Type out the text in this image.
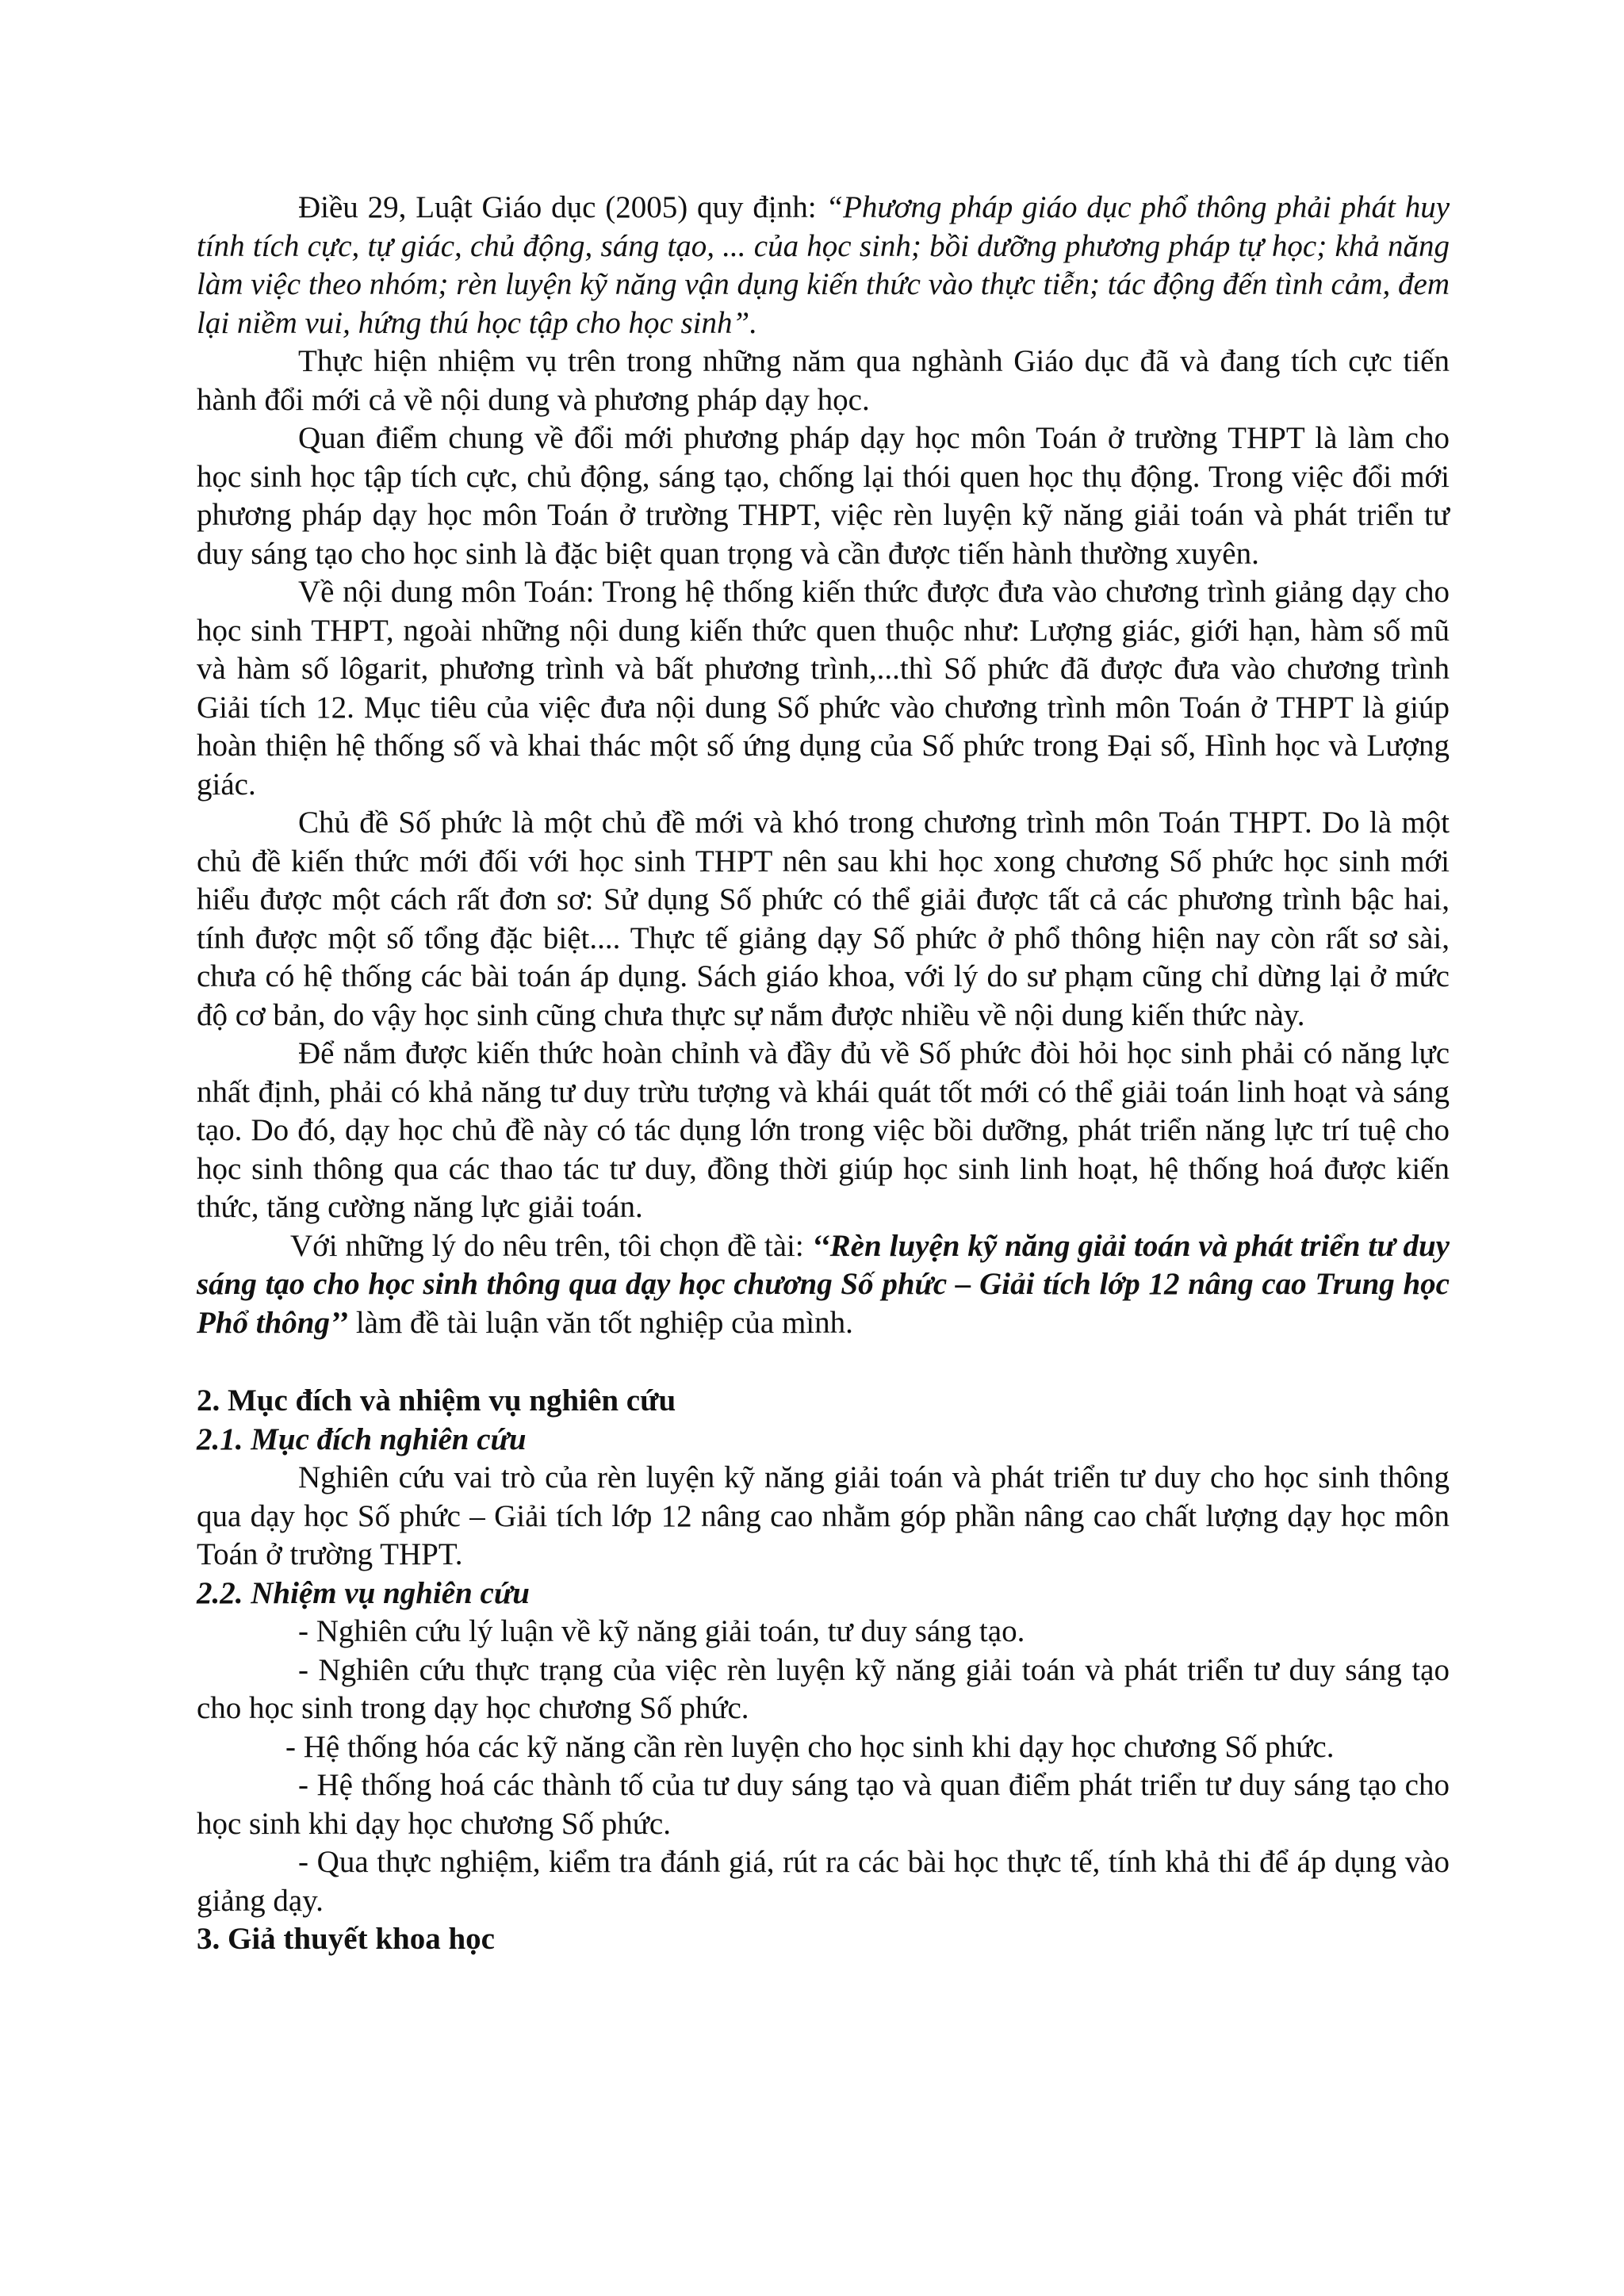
Điều 29, Luật Giáo dục (2005) quy định: “Phương pháp giáo dục phổ thông phải phát huy tính tích cực, tự giác, chủ động, sáng tạo, ... của học sinh; bồi dưỡng phương pháp tự học; khả năng làm việc theo nhóm; rèn luyện kỹ năng vận dụng kiến thức vào thực tiễn; tác động đến tình cảm, đem lại niềm vui, hứng thú học tập cho học sinh”.

Thực hiện nhiệm vụ trên trong những năm qua nghành Giáo dục đã và đang tích cực tiến hành đổi mới cả về nội dung và phương pháp dạy học.

Quan điểm chung về đổi mới phương pháp dạy học môn Toán ở trường THPT là làm cho học sinh học tập tích cực, chủ động, sáng tạo, chống lại thói quen học thụ động. Trong việc đổi mới phương pháp dạy học môn Toán ở trường THPT, việc rèn luyện kỹ năng giải toán và phát triển tư duy sáng tạo cho học sinh là đặc biệt quan trọng và cần được tiến hành thường xuyên.

Về nội dung môn Toán: Trong hệ thống kiến thức được đưa vào chương trình giảng dạy cho học sinh THPT, ngoài những nội dung kiến thức quen thuộc như: Lượng giác, giới hạn, hàm số mũ và hàm số lôgarit, phương trình và bất phương trình,...thì Số phức đã được đưa vào chương trình Giải tích 12. Mục tiêu của việc đưa nội dung Số phức vào chương trình môn Toán ở THPT là giúp hoàn thiện hệ thống số và khai thác một số ứng dụng của Số phức trong Đại số, Hình học và Lượng giác.

Chủ đề Số phức là một chủ đề mới và khó trong chương trình môn Toán THPT. Do là một chủ đề kiến thức mới đối với học sinh THPT nên sau khi học xong chương Số phức học sinh mới hiểu được một cách rất đơn sơ: Sử dụng Số phức có thể giải được tất cả các phương trình bậc hai, tính được một số tổng đặc biệt.... Thực tế giảng dạy Số phức ở phổ thông hiện nay còn rất sơ sài, chưa có hệ thống các bài toán áp dụng. Sách giáo khoa, với lý do sư phạm cũng chỉ dừng lại ở mức độ cơ bản, do vậy học sinh cũng chưa thực sự nắm được nhiều về nội dung kiến thức này.

Để nắm được kiến thức hoàn chỉnh và đầy đủ về Số phức đòi hỏi học sinh phải có năng lực nhất định, phải có khả năng tư duy trừu tượng và khái quát tốt mới có thể giải toán linh hoạt và sáng tạo. Do đó, dạy học chủ đề này có tác dụng lớn trong việc bồi dưỡng, phát triển năng lực trí tuệ cho học sinh thông qua các thao tác tư duy, đồng thời giúp học sinh linh hoạt, hệ thống hoá được kiến thức, tăng cường năng lực giải toán.

Với những lý do nêu trên, tôi chọn đề tài: ‘‘Rèn luyện kỹ năng giải toán và phát triển tư duy sáng tạo cho học sinh thông qua dạy học chương Số phức – Giải tích lớp 12 nâng cao Trung học Phổ thông’’ làm đề tài luận văn tốt nghiệp của mình.

2. Mục đích và nhiệm vụ nghiên cứu

2.1. Mục đích nghiên cứu

Nghiên cứu vai trò của rèn luyện kỹ năng giải toán và phát triển tư duy cho học sinh thông qua dạy học Số phức – Giải tích lớp 12 nâng cao nhằm góp phần nâng cao chất lượng dạy học môn Toán ở trường THPT.

2.2. Nhiệm vụ nghiên cứu

- Nghiên cứu lý luận về kỹ năng giải toán, tư duy sáng tạo.

- Nghiên cứu thực trạng của việc rèn luyện kỹ năng giải toán và phát triển tư duy sáng tạo cho học sinh trong dạy học chương Số phức.

- Hệ thống hóa các kỹ năng cần rèn luyện cho học sinh khi dạy học chương Số phức.

- Hệ thống hoá các thành tố của tư duy sáng tạo và quan điểm phát triển tư duy sáng tạo cho học sinh khi dạy học chương Số phức.

- Qua thực nghiệm, kiểm tra đánh giá, rút ra các bài học thực tế, tính khả thi để áp dụng vào giảng dạy.

3. Giả thuyết khoa học
